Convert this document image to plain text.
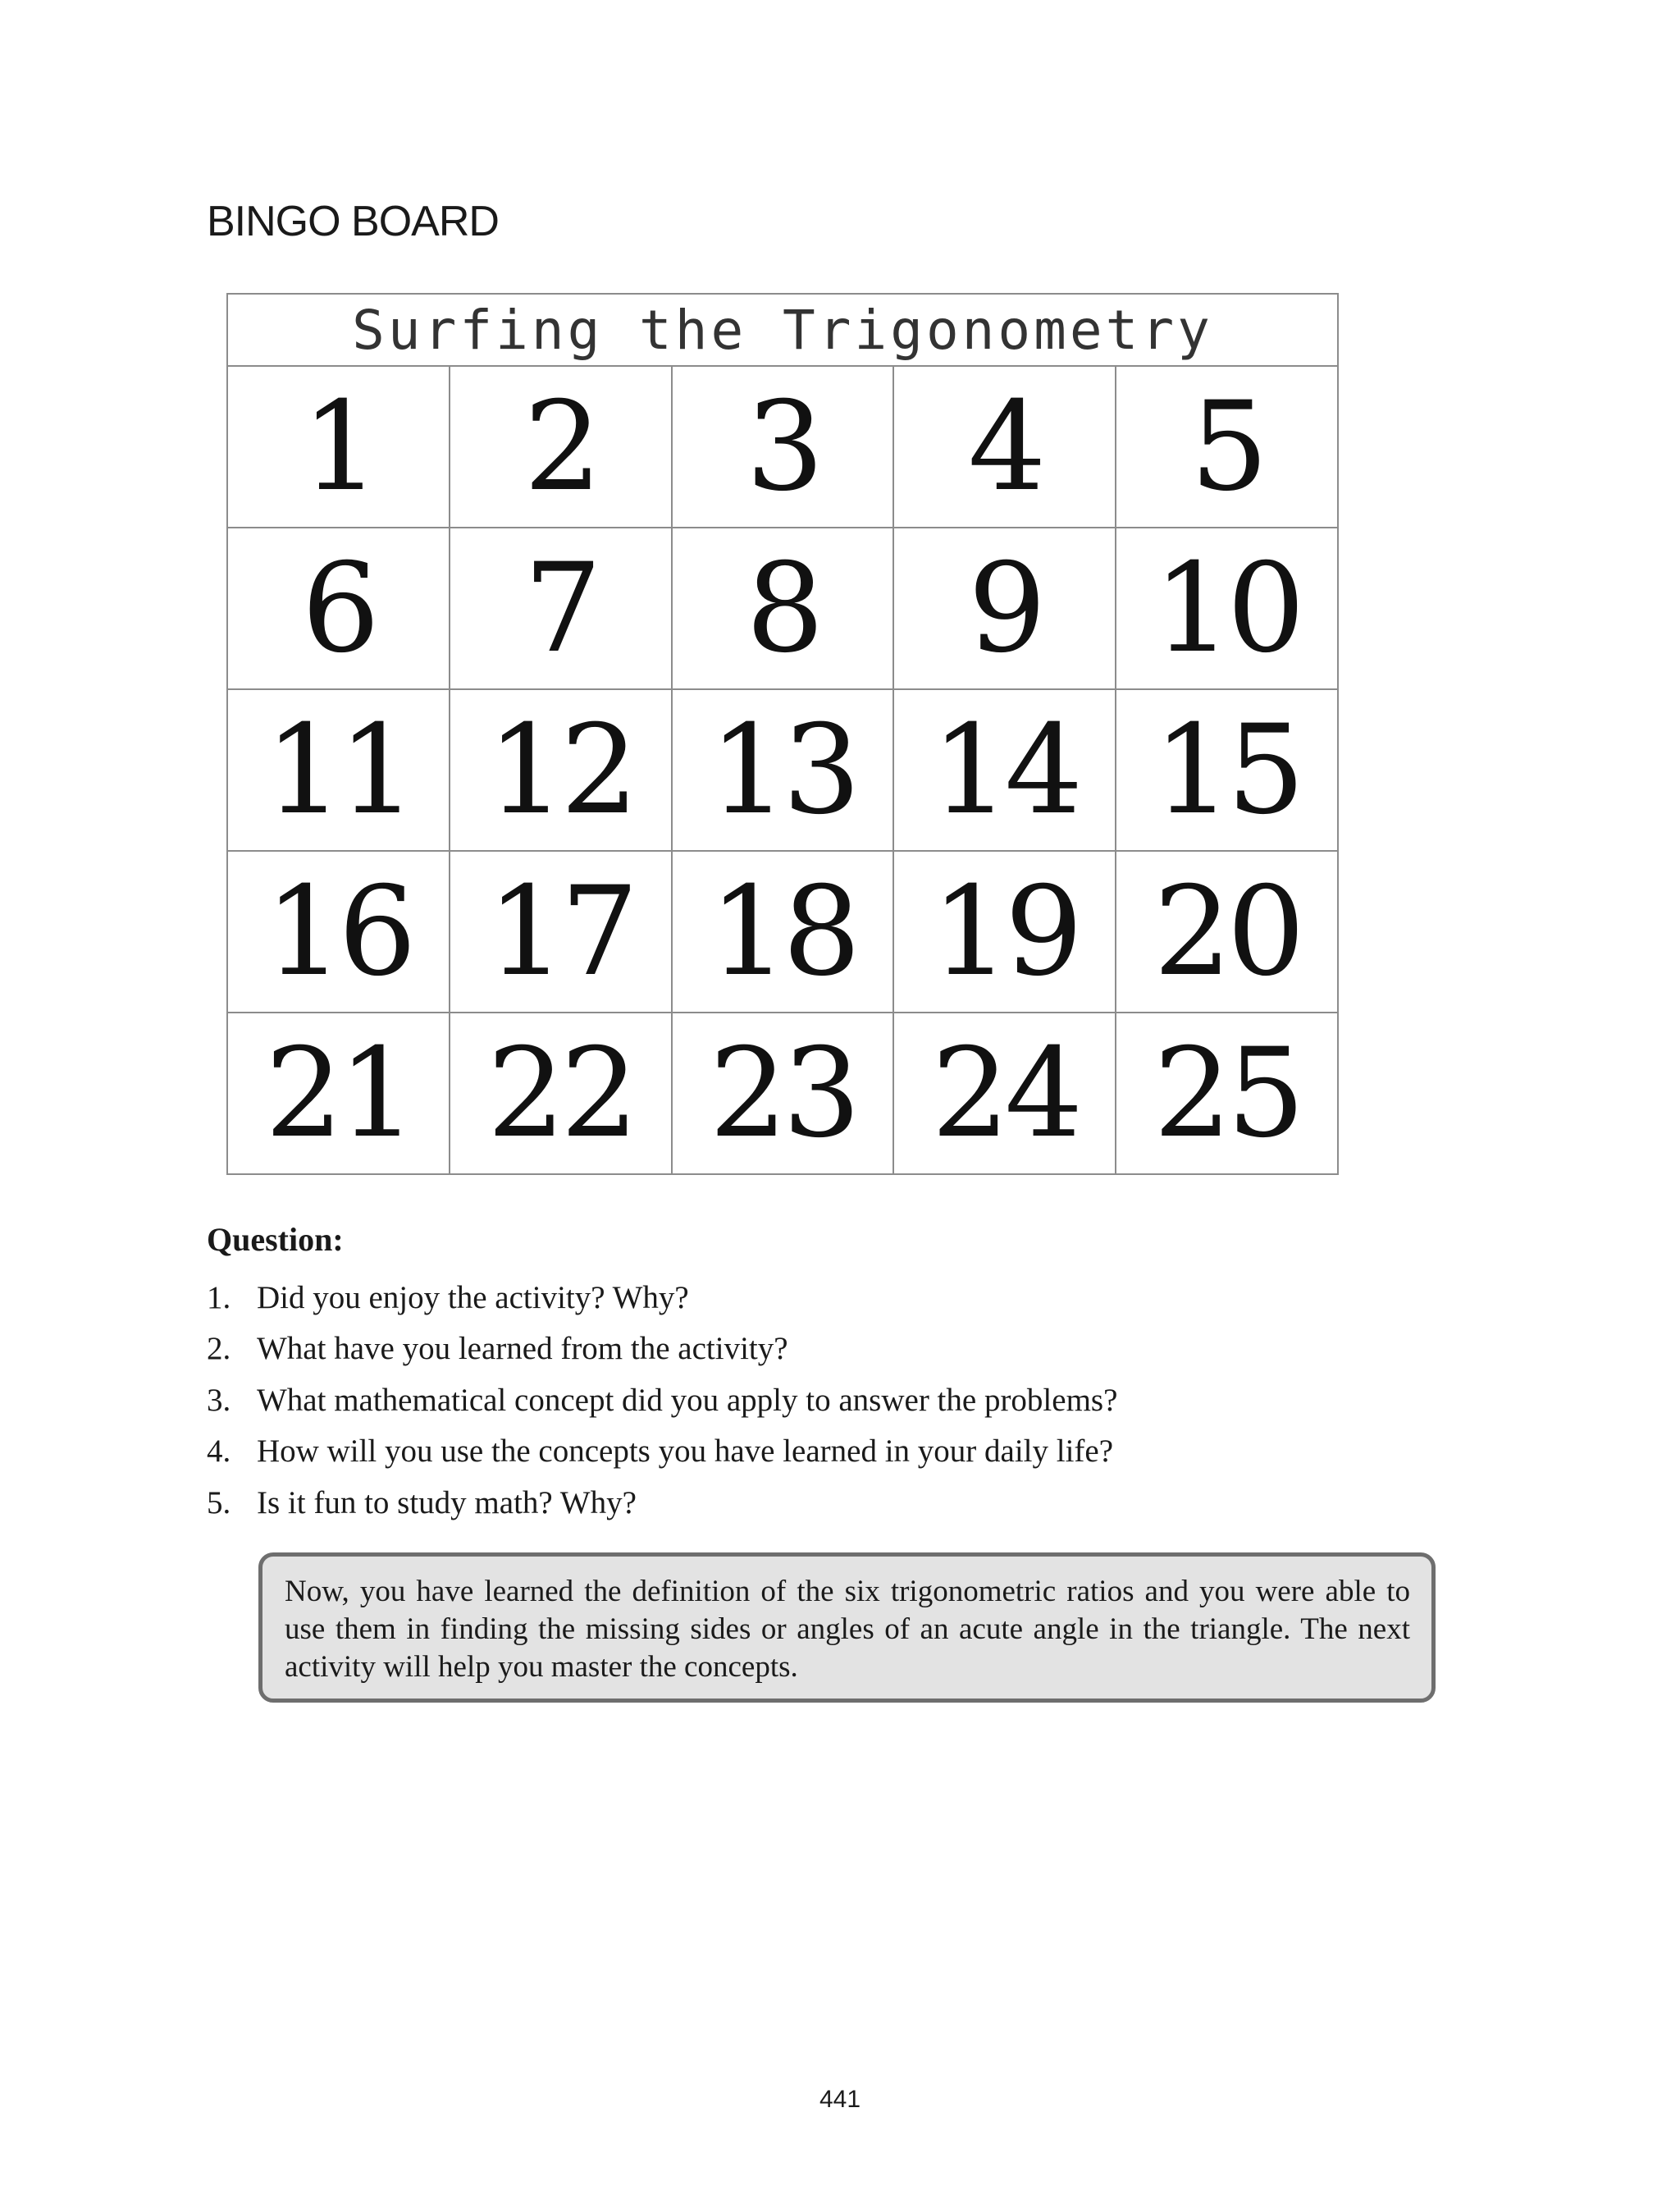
BINGO BOARD
Surfing the Trigonometry				
1	2	3	4	5
6	7	8	9	10
11	12	13	14	15
16	17	18	19	20
21	22	23	24	25
Question:
1. Did you enjoy the activity? Why?
2. What have you learned from the activity?
3. What mathematical concept did you apply to answer the problems?
4. How will you use the concepts you have learned in your daily life?
5. Is it fun to study math? Why?
Now, you have learned the definition of the six trigonometric ratios and you were able to use them in finding the missing sides or angles of an acute angle in the triangle. The next activity will help you master the concepts.
441
